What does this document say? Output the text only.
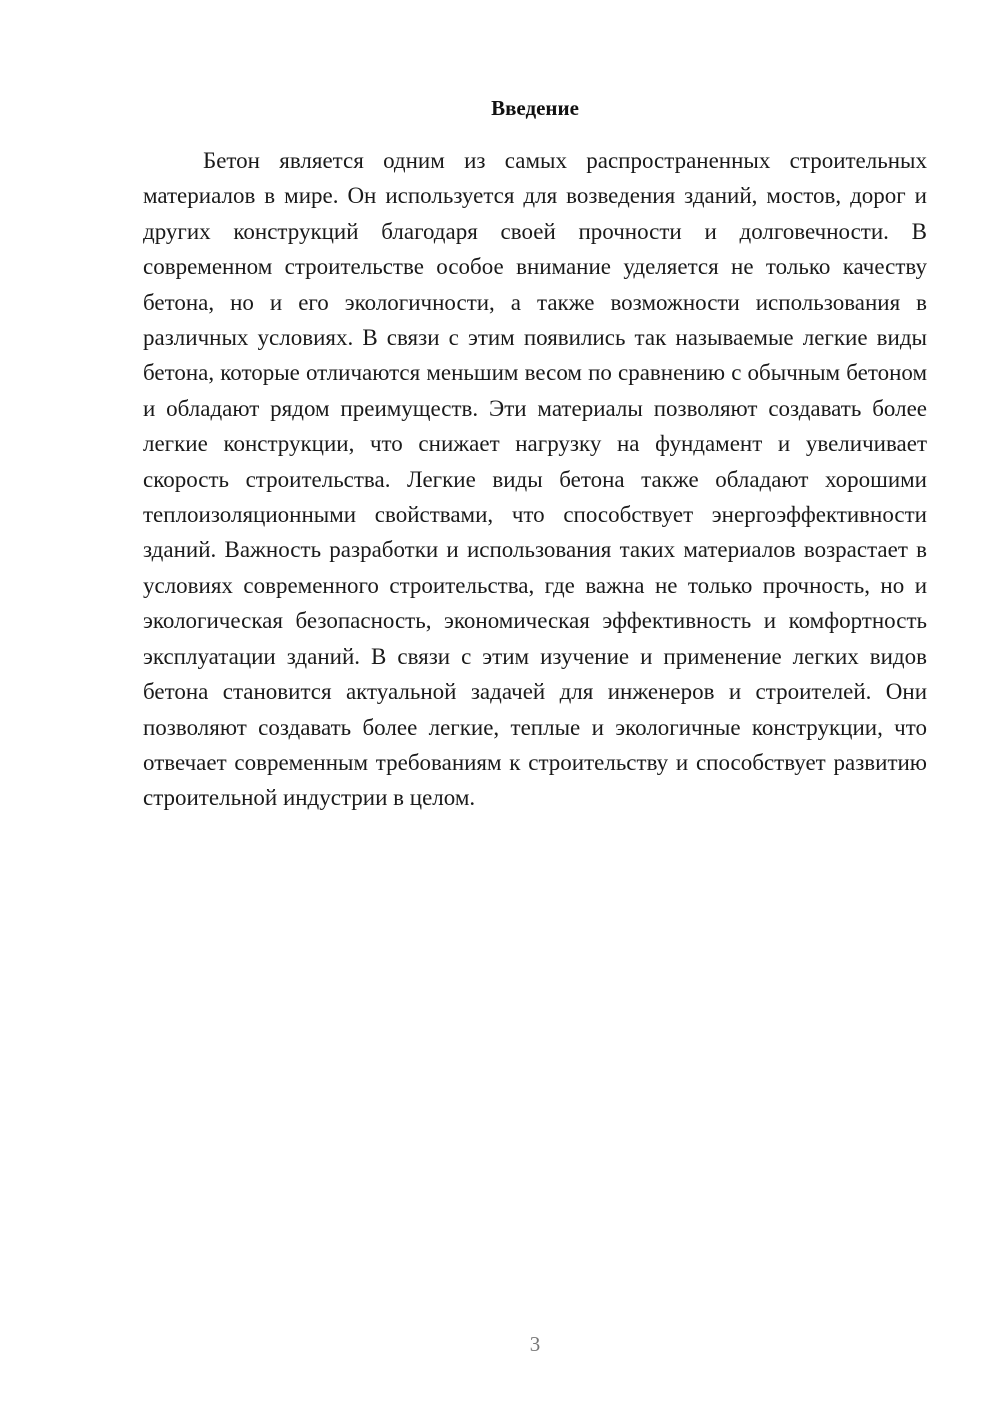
Введение

Бетон является одним из самых распространенных строительных материалов в мире. Он используется для возведения зданий, мостов, дорог и других конструкций благодаря своей прочности и долговечности. В современном строительстве особое внимание уделяется не только качеству бетона, но и его экологичности, а также возможности использования в различных условиях. В связи с этим появились так называемые легкие виды бетона, которые отличаются меньшим весом по сравнению с обычным бетоном и обладают рядом преимуществ. Эти материалы позволяют создавать более легкие конструкции, что снижает нагрузку на фундамент и увеличивает скорость строительства. Легкие виды бетона также обладают хорошими теплоизоляционными свойствами, что способствует энергоэффективности зданий. Важность разработки и использования таких материалов возрастает в условиях современного строительства, где важна не только прочность, но и экологическая безопасность, экономическая эффективность и комфортность эксплуатации зданий. В связи с этим изучение и применение легких видов бетона становится актуальной задачей для инженеров и строителей. Они позволяют создавать более легкие, теплые и экологичные конструкции, что отвечает современным требованиям к строительству и способствует развитию строительной индустрии в целом.

3
